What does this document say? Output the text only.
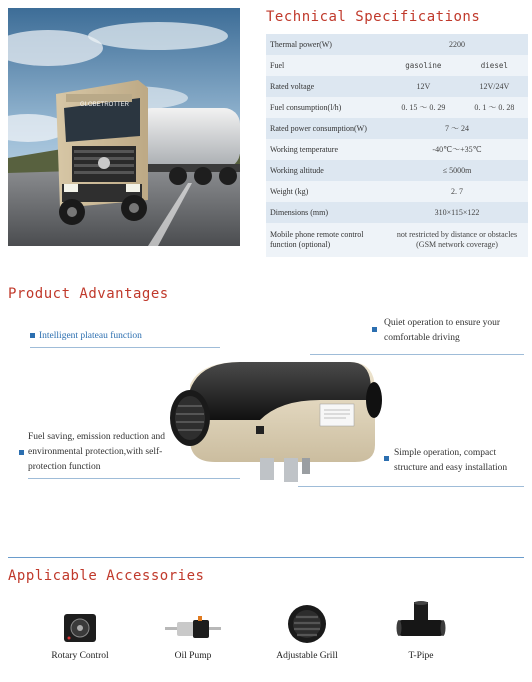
GLOBETROTTER
Technical Specifications
Thermal power(W)	2200	
Fuel	gasoline	diesel
Rated voltage	12V	12V/24V
Fuel consumption(l/h)	0. 15 ～ 0. 29	0. 1 ～ 0. 28
Rated power consumption(W)	7 ～ 24	
Working temperature	-40℃～+35℃	
Working altitude	≤ 5000m	
Weight (kg)	2. 7	
Dimensions (mm)	310×115×122	
Mobile phone remote control function (optional)	not restricted by distance or obstacles (GSM network coverage)	
Product Advantages
Intelligent plateau function
Quiet operation to ensure your comfortable driving
Fuel saving, emission reduction and environmental protection,with self-protection function
Simple operation, compact structure and easy installation
Applicable Accessories
Rotary Control	Oil Pump	Adjustable Grill	T-Pipe
